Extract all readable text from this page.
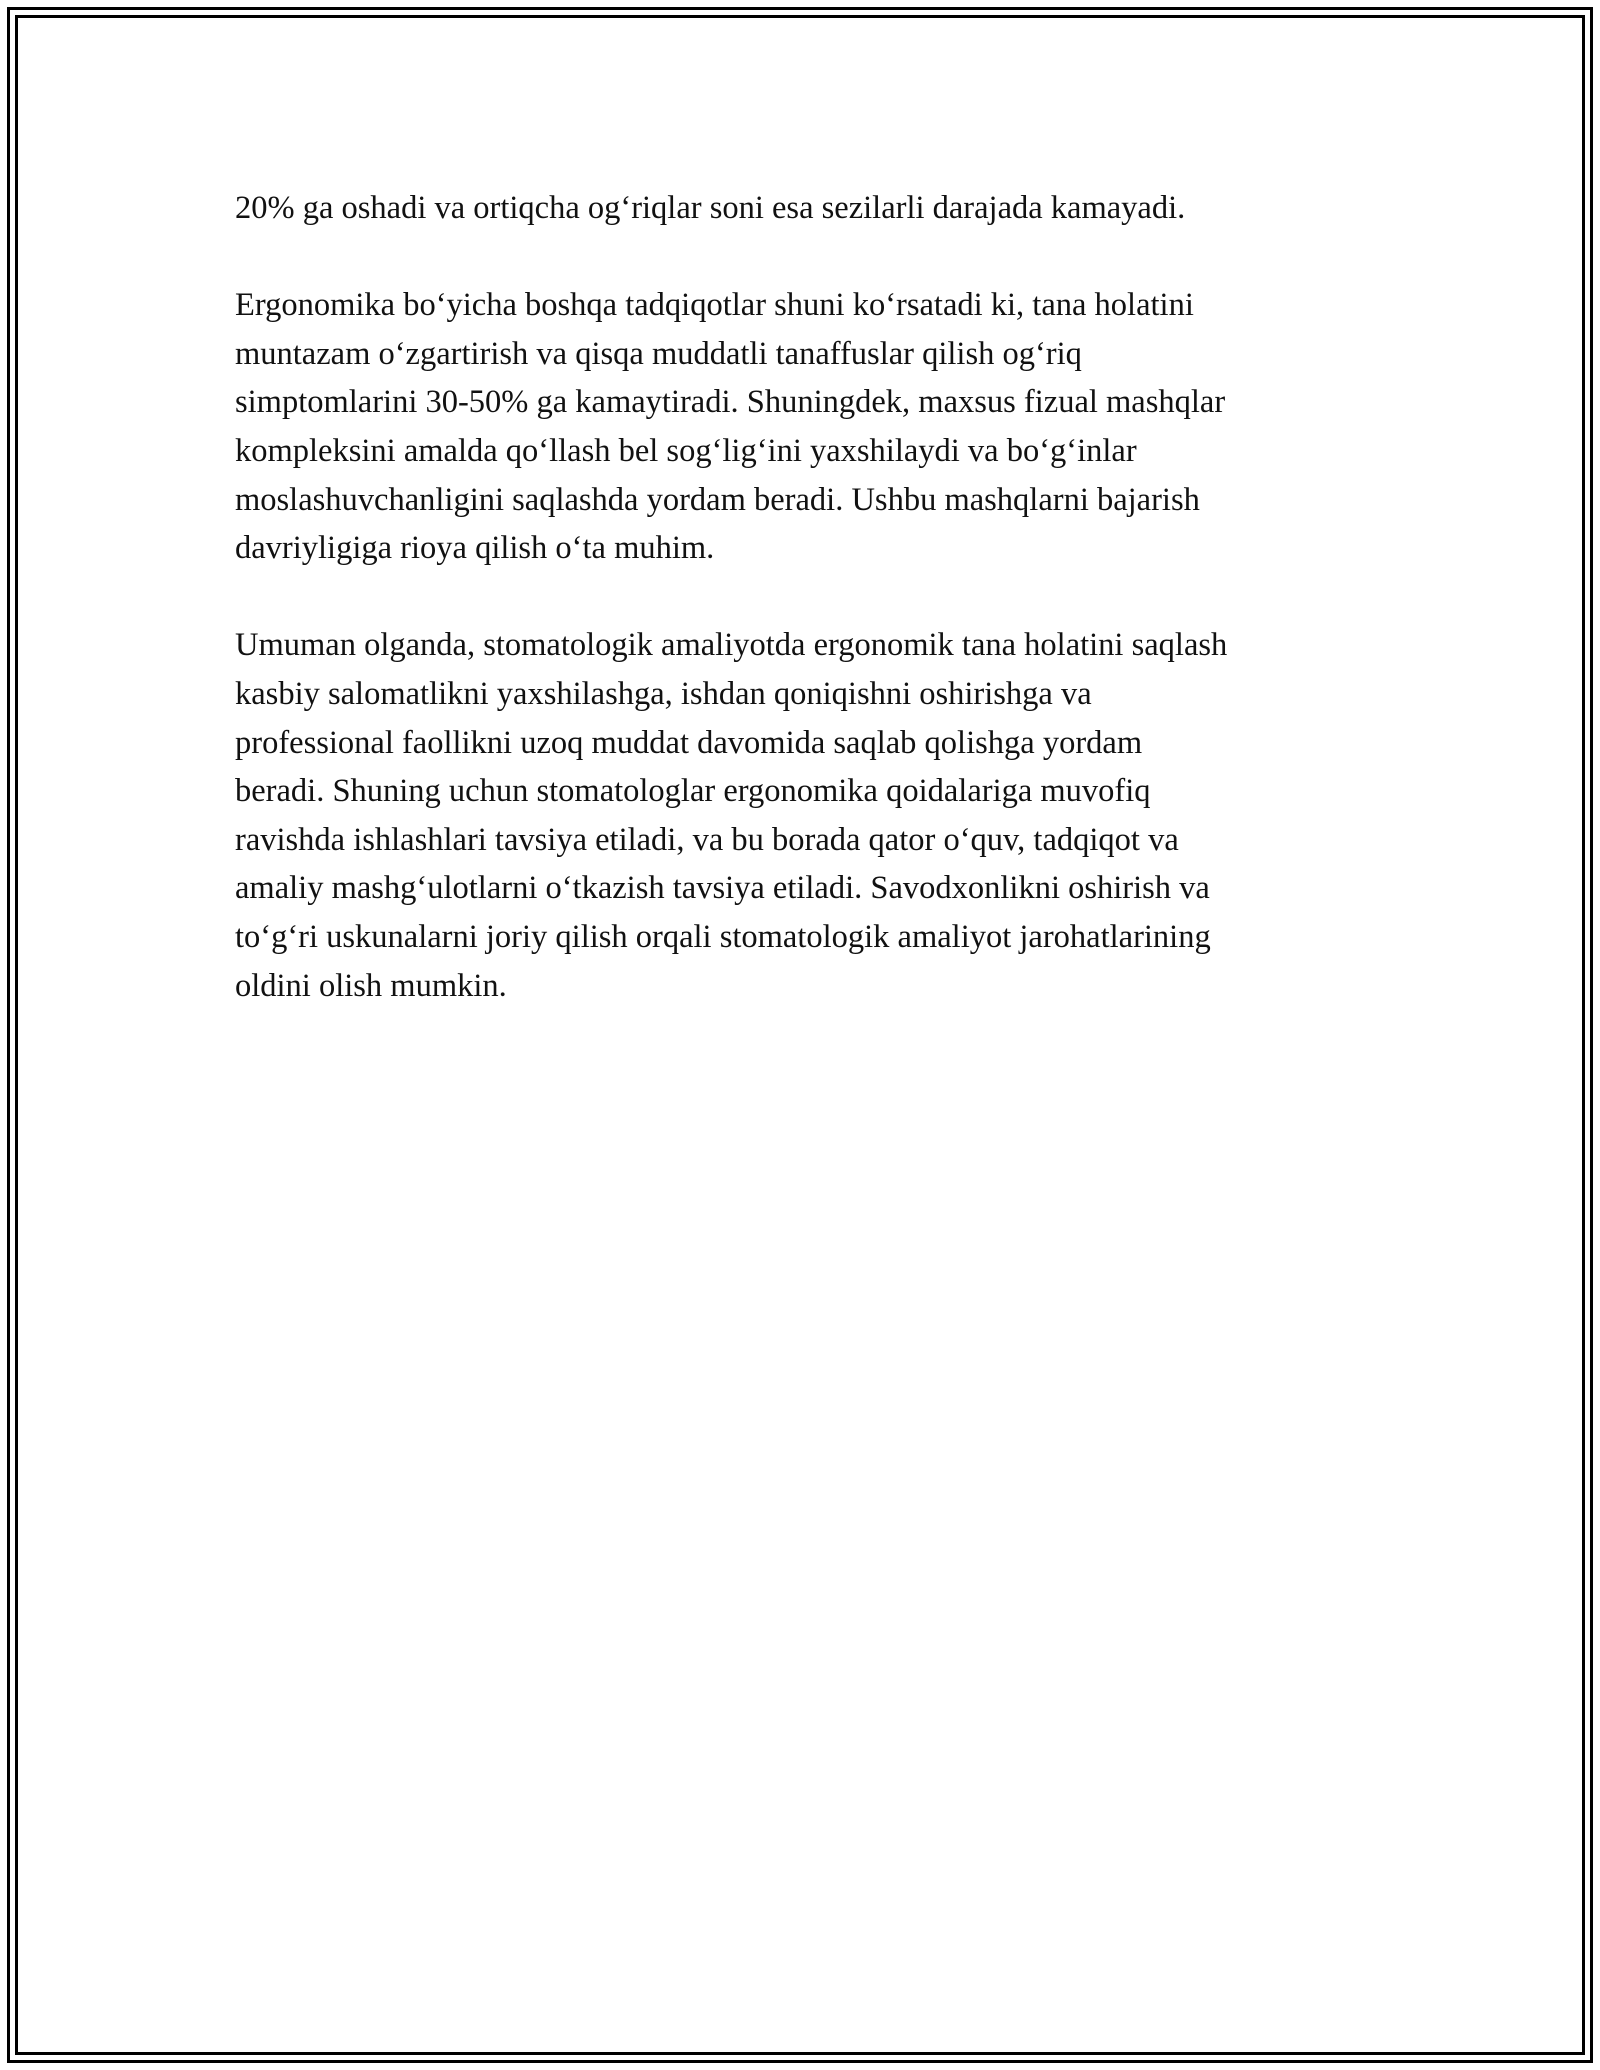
20% ga oshadi va ortiqcha og‘riqlar soni esa sezilarli darajada kamayadi.

Ergonomika bo‘yicha boshqa tadqiqotlar shuni ko‘rsatadi ki, tana holatini
muntazam o‘zgartirish va qisqa muddatli tanaffuslar qilish og‘riq
simptomlarini 30-50% ga kamaytiradi. Shuningdek, maxsus fizual mashqlar
kompleksini amalda qo‘llash bel sog‘lig‘ini yaxshilaydi va bo‘g‘inlar
moslashuvchanligini saqlashda yordam beradi. Ushbu mashqlarni bajarish
davriyligiga rioya qilish o‘ta muhim.

Umuman olganda, stomatologik amaliyotda ergonomik tana holatini saqlash
kasbiy salomatlikni yaxshilashga, ishdan qoniqishni oshirishga va
professional faollikni uzoq muddat davomida saqlab qolishga yordam
beradi. Shuning uchun stomatologlar ergonomika qoidalariga muvofiq
ravishda ishlashlari tavsiya etiladi, va bu borada qator o‘quv, tadqiqot va
amaliy mashg‘ulotlarni o‘tkazish tavsiya etiladi. Savodxonlikni oshirish va
to‘g‘ri uskunalarni joriy qilish orqali stomatologik amaliyot jarohatlarining
oldini olish mumkin.
